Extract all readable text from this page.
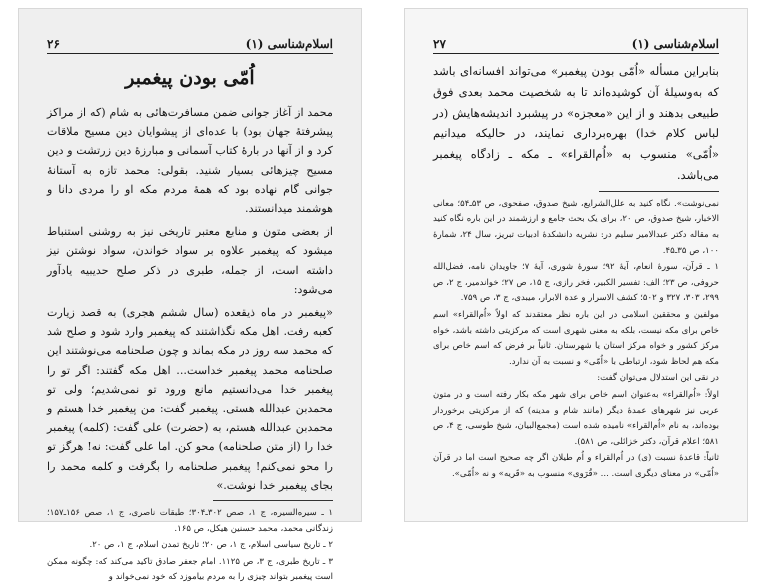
اسلام‌شناسی (۱)
۲۷

بنابراین مسأله «اُمّی بودن پیغمبر» می‌تواند افسانه‌ای باشد که به‌وسیلهٔ آن کوشیده‌اند تا به شخصیت محمد بعدی فوق طبیعی بدهند و از این «معجزه» در پیشبرد اندیشه‌هایش (در لباس کلام خدا) بهره‌برداری نمایند، در حالیکه میدانیم «اُمّی» منسوب به «اُم‌القراء» ـ مکه ـ زادگاه پیغمبر می‌باشد.

نمی‌نوشت». نگاه کنید به علل‌الشرایع، شیخ صدوق، صفحوی، ص ۵۳ـ۵۴؛ معانی الاخبار، شیخ صدوق، ص ۲۰، برای یک بحث جامع و ارزشمند در این باره نگاه کنید به مقاله دکتر عبدالامیر سلیم در: نشریه دانشکدهٔ ادبیات تبریز، سال ۲۴، شمارهٔ ۱۰۰، ص ۳۵ـ۴۵.

۱ ـ قرآن، سورهٔ انعام، آیهٔ ۹۲؛ سورهٔ شوری، آیهٔ ۷؛ جاویدان نامه، فضل‌الله حروفی، ص ۲۳؛ الف: تفسیر الکبیر، فخر رازی، ج ۱۵، ص ۲۷؛ خواندمیر، ج ۲، ص ۲۹۹، ۳۰۳، ۳۲۷ و ۵۰۲؛ کشف الاسرار و عدة الابرار، میبدی، ج ۳، ص ۷۵۹.

مولفین و محققین اسلامی در این باره نظر معتقدند که اولاً «اُم‌القراء» اسم خاص برای مکه نیست، بلکه به معنی شهری است که مرکزیتی داشته باشد، خواه مرکز کشور و خواه مرکز استان یا شهرستان. ثانیاً بر فرض که اسم خاص برای مکه هم لحاظ شود، ارتباطی با «اُمّی» و نسبت به آن ندارد.

در نقی این استدلال می‌توان گفت:

اولاً: «اُم‌القراء» به‌عنوان اسم خاص برای شهر مکه بکار رفته است و در متون عربی نیز شهرهای عمدهٔ دیگر (مانند شام و مدینه) که از مرکزیتی برخوردار بوده‌اند، به نام «اُم‌القراء» نامیده شده است (مجمع‌البیان، شیخ طوسی، ج ۴، ص ۵۸۱؛ اعلام قرآن، دکتر خزائلی، ص ۵۸۱).

ثانیاً: قاعدهٔ نسبت (ی) در اُم‌القراء و اُم طیلان اگر چه صحیح است اما در قرآن «اُمّی» در معنای دیگری است. ... «قُرَوی» منسوب به «قَریه» و نه «اُمّی».

اسلام‌شناسی (۱)
۲۶
اُمّی بودن پیغمبر

محمد از آغاز جوانی ضمن مسافرت‌هائی به شام (که از مراکز پیشرفتهٔ جهان بود) با عده‌ای از پیشوایان دین مسیح ملاقات کرد و از آنها در بارهٔ کتاب آسمانی و مبارزهٔ دین زرتشت و دین مسیح چیزهائی بسیار شنید. بقولی: محمد تازه به آستانهٔ جوانی گام نهاده بود که همهٔ مردم مکه او را مردی دانا و هوشمند میدانستند.

از بعضی متون و منابع معتبر تاریخی نیز به روشنی استنباط میشود که پیغمبر علاوه بر سواد خواندن، سواد نوشتن نیز داشته است، از جمله، طبری در ذکر صلح حدیبیه یادآور می‌شود:

«پیغمبر در ماه ذیقعده (سال ششم هجری) به قصد زیارت کعبه رفت. اهل مکه نگذاشتند که پیغمبر وارد شود و صلح شد که محمد سه روز در مکه بماند و چون صلحنامه می‌نوشتند این صلحنامه محمد پیغمبر خداست... اهل مکه گفتند: اگر تو را پیغمبر خدا می‌دانستیم مانع ورود تو نمی‌شدیم؛ ولی تو محمدبن عبدالله هستی. پیغمبر گفت: من پیغمبر خدا هستم و محمدبن عبدالله هستم، به (حضرت) علی گفت: (کلمه) پیغمبر خدا را (از متن صلحنامه) محو کن. اما علی گفت: نه! هرگز تو را محو نمی‌کنم! پیغمبر صلحنامه را بگرفت و کلمه محمد را بجای پیغمبر خدا نوشت.»

۱ ـ سیره‌السیره، ج ۱، صص ۳۰۲ـ۳۰۴؛ طبقات ناصری، ج ۱، صص ۱۵۶ـ۱۵۷؛ زندگانی محمد، محمد حسنین هیکل، ص ۱۶۵.

۲ ـ تاریخ سیاسی اسلام، ج ۱، ص ۲۰؛ تاریخ تمدن اسلام، ج ۱، ص ۲۰.

۳ ـ تاریخ طبری، ج ۳، ص ۱۱۲۵. امام جعفر صادق تاکید می‌کند که: چگونه ممکن است پیغمبر بتواند چیزی را به مردم بیاموزد که خود نمی‌خواند و
